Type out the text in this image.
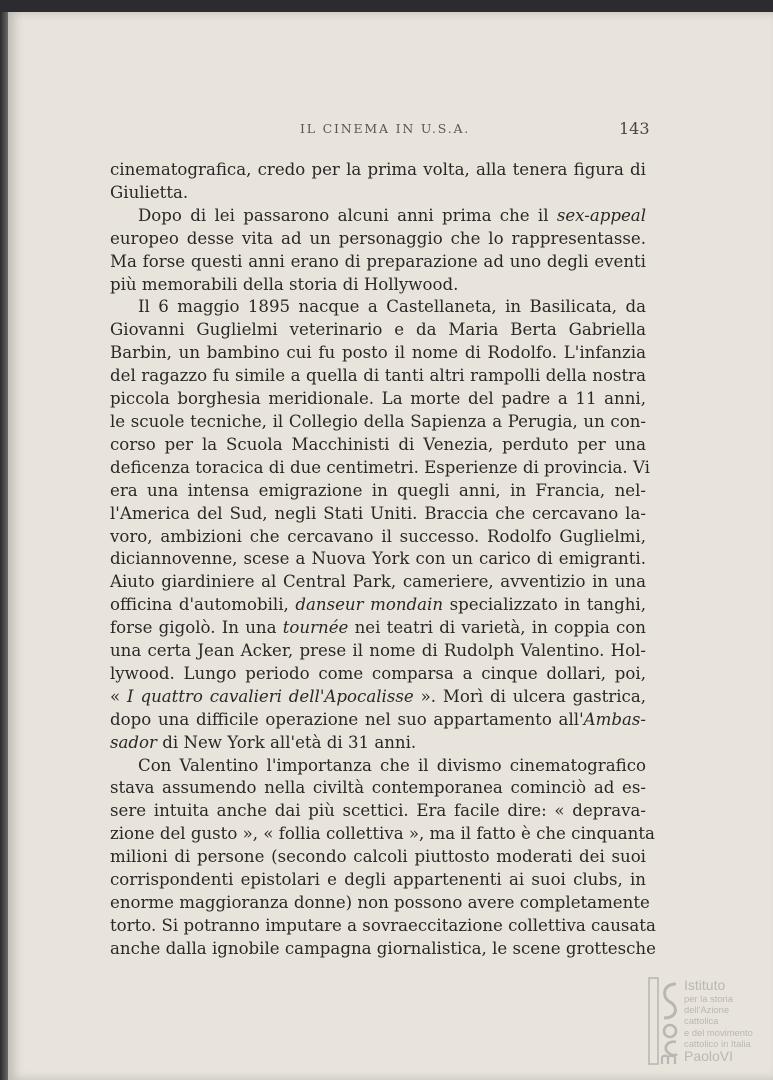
IL CINEMA IN U.S.A.	143
cinematografica, credo per la prima volta, alla tenera figura di
Giulietta.
Dopo di lei passarono alcuni anni prima che il sex-appeal
europeo desse vita ad un personaggio che lo rappresentasse.
Ma forse questi anni erano di preparazione ad uno degli eventi
più memorabili della storia di Hollywood.
Il 6 maggio 1895 nacque a Castellaneta, in Basilicata, da
Giovanni Guglielmi veterinario e da Maria Berta Gabriella
Barbin, un bambino cui fu posto il nome di Rodolfo. L'infanzia
del ragazzo fu simile a quella di tanti altri rampolli della nostra
piccola borghesia meridionale. La morte del padre a 11 anni,
le scuole tecniche, il Collegio della Sapienza a Perugia, un con-
corso per la Scuola Macchinisti di Venezia, perduto per una
deficenza toracica di due centimetri. Esperienze di provincia. Vi
era una intensa emigrazione in quegli anni, in Francia, nel-
l'America del Sud, negli Stati Uniti. Braccia che cercavano la-
voro, ambizioni che cercavano il successo. Rodolfo Guglielmi,
diciannovenne, scese a Nuova York con un carico di emigranti.
Aiuto giardiniere al Central Park, cameriere, avventizio in una
officina d'automobili, danseur mondain specializzato in tanghi,
forse gigolò. In una tournée nei teatri di varietà, in coppia con
una certa Jean Acker, prese il nome di Rudolph Valentino. Hol-
lywood. Lungo periodo come comparsa a cinque dollari, poi,
« I quattro cavalieri dell'Apocalisse ». Morì di ulcera gastrica,
dopo una difficile operazione nel suo appartamento all'Ambas-
sador di New York all'età di 31 anni.
Con Valentino l'importanza che il divismo cinematografico
stava assumendo nella civiltà contemporanea cominciò ad es-
sere intuita anche dai più scettici. Era facile dire: « deprava-
zione del gusto », « follia collettiva », ma il fatto è che cinquanta
milioni di persone (secondo calcoli piuttosto moderati dei suoi
corrispondenti epistolari e degli appartenenti ai suoi clubs, in
enorme maggioranza donne) non possono avere completamente
torto. Si potranno imputare a sovraeccitazione collettiva causata
anche dalla ignobile campagna giornalistica, le scene grottesche
Istituto
per la storia
dell'Azione cattolica
e del movimento
cattolico in Italia
PaoloVI
